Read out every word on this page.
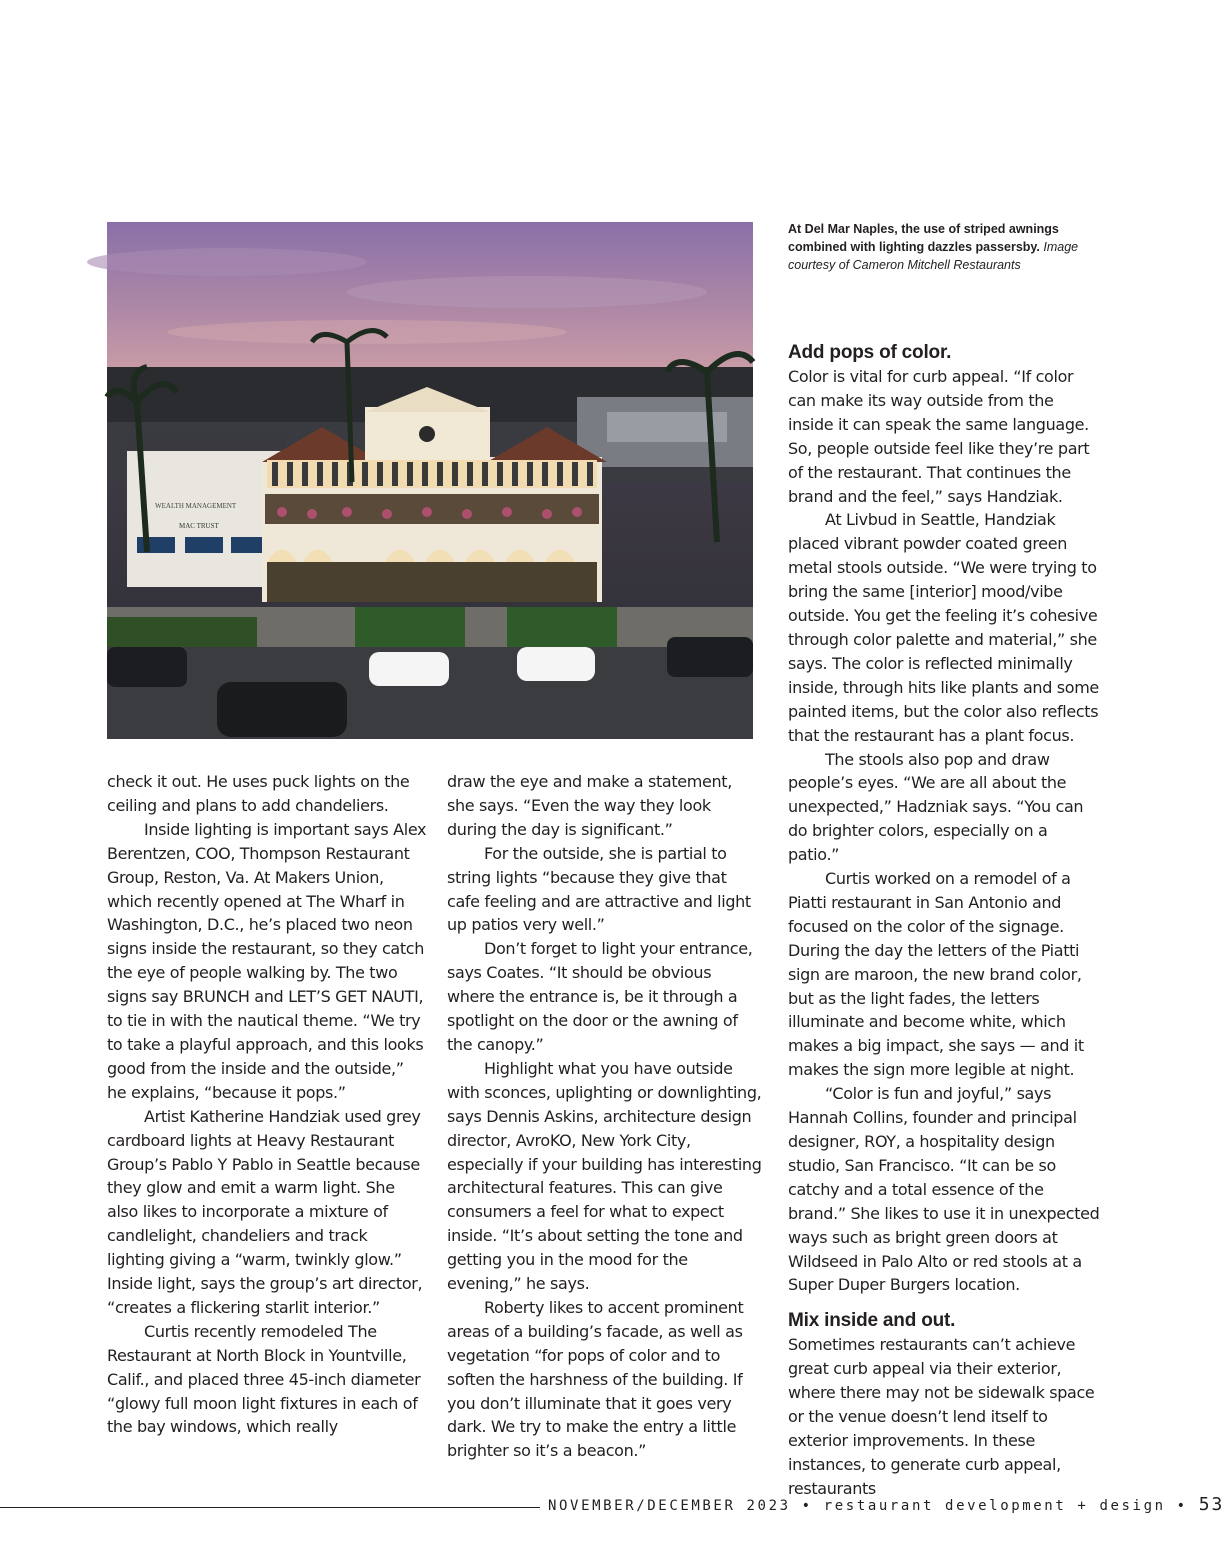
WEALTH MANAGEMENT
MAC TRUST
At Del Mar Naples, the use of striped awnings combined with lighting dazzles passersby. Image courtesy of Cameron Mitchell Restaurants

check it out. He uses puck lights on the ceiling and plans to add chandeliers.

Inside lighting is important says Alex Berentzen, COO, Thompson Restaurant Group, Reston, Va. At Makers Union, which recently opened at The Wharf in Washington, D.C., he’s placed two neon signs inside the restaurant, so they catch the eye of people walking by. The two signs say BRUNCH and LET’S GET NAUTI, to tie in with the nautical theme. “We try to take a playful approach, and this looks good from the inside and the outside,” he explains, “because it pops.”

Artist Katherine Handziak used grey cardboard lights at Heavy Restaurant Group’s Pablo Y Pablo in Seattle because they glow and emit a warm light. She also likes to incorporate a mixture of candlelight, chandeliers and track lighting giving a “warm, twinkly glow.” Inside light, says the group’s art director, “creates a flickering starlit interior.”

Curtis recently remodeled The Restaurant at North Block in Yountville, Calif., and placed three 45-inch diameter “glowy full moon light fixtures in each of the bay windows, which really

draw the eye and make a statement, she says. “Even the way they look during the day is significant.”

For the outside, she is partial to string lights “because they give that cafe feeling and are attractive and light up patios very well.”

Don’t forget to light your entrance, says Coates. “It should be obvious where the entrance is, be it through a spotlight on the door or the awning of the canopy.”

Highlight what you have outside with sconces, uplighting or downlighting, says Dennis Askins, architecture design director, AvroKO, New York City, especially if your building has interesting architectural features. This can give consumers a feel for what to expect inside. “It’s about setting the tone and getting you in the mood for the evening,” he says.

Roberty likes to accent prominent areas of a building’s facade, as well as vegetation “for pops of color and to soften the harshness of the building. If you don’t illuminate that it goes very dark. We try to make the entry a little brighter so it’s a beacon.”

Add pops of color.

Color is vital for curb appeal. “If color can make its way outside from the inside it can speak the same language. So, people outside feel like they’re part of the restaurant. That continues the brand and the feel,” says Handziak.

At Livbud in Seattle, Handziak placed vibrant powder coated green metal stools outside. “We were trying to bring the same [interior] mood/vibe outside. You get the feeling it’s cohesive through color palette and material,” she says. The color is reflected minimally inside, through hits like plants and some painted items, but the color also reflects that the restaurant has a plant focus.

The stools also pop and draw people’s eyes. “We are all about the unexpected,” Hadzniak says. “You can do brighter colors, especially on a patio.”

Curtis worked on a remodel of a Piatti restaurant in San Antonio and focused on the color of the signage. During the day the letters of the Piatti sign are maroon, the new brand color, but as the light fades, the letters illuminate and become white, which makes a big impact, she says — and it makes the sign more legible at night.

“Color is fun and joyful,” says Hannah Collins, founder and principal designer, ROY, a hospitality design studio, San Francisco. “It can be so catchy and a total essence of the brand.” She likes to use it in unexpected ways such as bright green doors at Wildseed in Palo Alto or red stools at a Super Duper Burgers location.

Mix inside and out.

Sometimes restaurants can’t achieve great curb appeal via their exterior, where there may not be sidewalk space or the venue doesn’t lend itself to exterior improvements. In these instances, to generate curb appeal, restaurants

NOVEMBER/DECEMBER 2023 • restaurant development + design • 53
